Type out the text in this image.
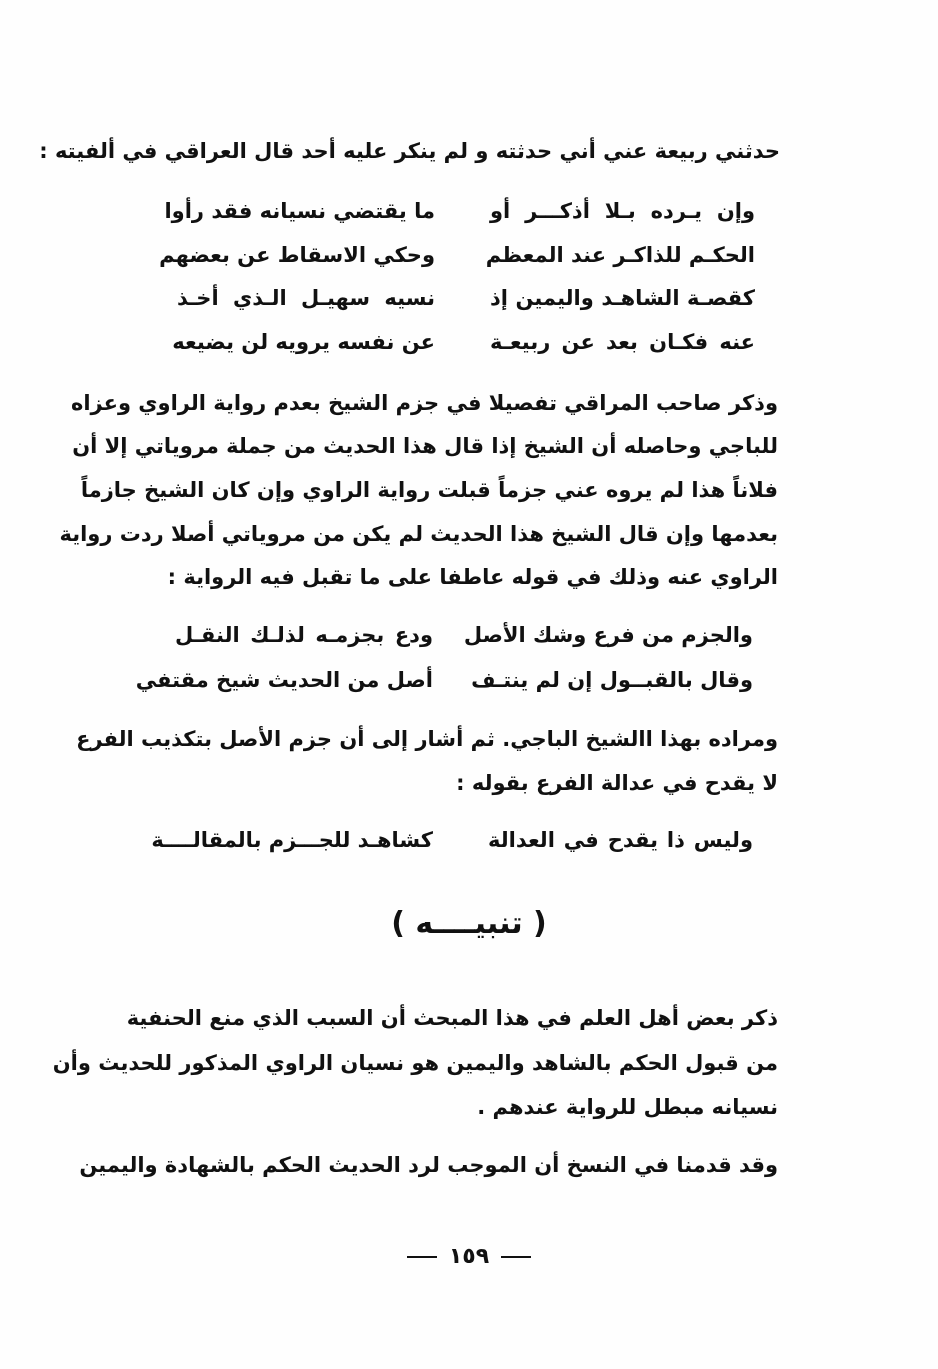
حدثني ربيعة عني أني حدثته و لم ينكر عليه أحد قال العراقي في ألفيته :
وإن يـرده بـلا أذكـــر أو
ما يقتضي نسيانه فقد رأوا
الحكـم للذاكـر عند المعظم
وحكي الاسقاط عن بعضهم
كقصـة الشاهـد واليمين إذ
نسيه سهيـل الـذي أخـذ
عنه فكـان بعد عن ربيعـة
عن نفسه يرويه لن يضيعه
وذكر صاحب المراقي تفصيلا في جزم الشيخ بعدم رواية الراوي وعزاه
للباجي وحاصله أن الشيخ إذا قال هذا الحديث من جملة مروياتي إلا أن
فلاناً هذا لم يروه عني جزماً قبلت رواية الراوي وإن كان الشيخ جازماً
بعدمها وإن قال الشيخ هذا الحديث لم يكن من مروياتي أصلا ردت رواية
الراوي عنه وذلك في قوله عاطفا على ما تقبل فيه الرواية :
والجزم من فرع وشك الأصل
ودع بجزمـه لذلـك النقـل
وقال بالقبــول إن لم ينتـف
أصل من الحديث شيخ مقتفي
ومراده بهذا االشيخ الباجي. ثم أشار إلى أن جزم الأصل بتكذيب الفرع
لا يقدح في عدالة الفرع بقوله :
وليس ذا يقدح في العدالة
كشاهـد للجـــزم بالمقالــــة
( تنبيــــه )
ذكر بعض أهل العلم في هذا المبحث أن السبب الذي منع الحنفية
من قبول الحكم بالشاهد واليمين هو نسيان الراوي المذكور للحديث وأن
نسيانه مبطل للرواية عندهم .
وقد قدمنا في النسخ أن الموجب لرد الحديث الحكم بالشهادة واليمين
١٥٩
